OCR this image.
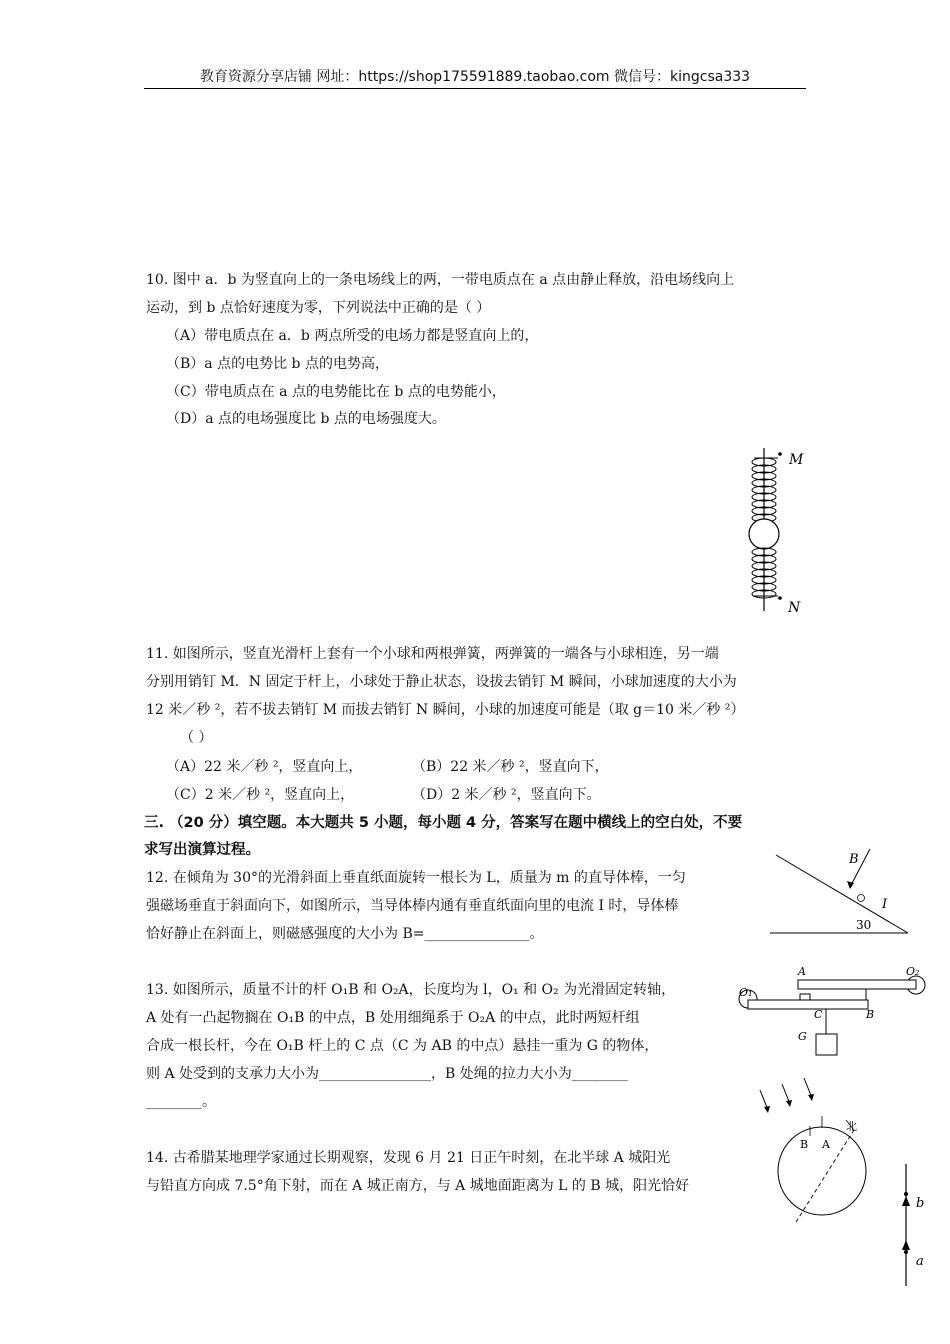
教育资源分享店铺 网址：https://shop175591889.taobao.com 微信号：kingcsa333
10. 图中 a．b 为竖直向上的一条电场线上的两，一带电质点在 a 点由静止释放，沿电场线向上
运动，到 b 点恰好速度为零，下列说法中正确的是（ ）
（A）带电质点在 a．b 两点所受的电场力都是竖直向上的，
（B）a 点的电势比 b 点的电势高，
（C）带电质点在 a 点的电势能比在 b 点的电势能小，
（D）a 点的电场强度比 b 点的电场强度大。
M
N
11. 如图所示，竖直光滑杆上套有一个小球和两根弹簧，两弹簧的一端各与小球相连，另一端
分别用销钉 M．N 固定于杆上，小球处于静止状态，设拔去销钉 M 瞬间，小球加速度的大小为
12 米／秒 ²，若不拔去销钉 M 而拔去销钉 N 瞬间，小球的加速度可能是（取 g＝10 米／秒 ²）
（ ）
（A）22 米／秒 ²，竖直向上，	（B）22 米／秒 ²，竖直向下，
（C）2 米／秒 ²，竖直向上，	（D）2 米／秒 ²，竖直向下。
三. （20 分）填空题。本大题共 5 小题，每小题 4 分，答案写在题中横线上的空白处，不要
求写出演算过程。
B
I
30
12. 在倾角为 30°的光滑斜面上垂直纸面旋转一根长为 L，质量为 m 的直导体棒，一匀
强磁场垂直于斜面向下，如图所示，当导体棒内通有垂直纸面向里的电流 I 时，导体棒
恰好静止在斜面上，则磁感强度的大小为 B=_______________。
O₁
O₂
A
B
C
G
13. 如图所示，质量不计的杆 O₁B 和 O₂A，长度均为 l，O₁ 和 O₂ 为光滑固定转轴，
A 处有一凸起物搁在 O₁B 的中点，B 处用细绳系于 O₂A 的中点，此时两短杆组
合成一根长杆，今在 O₁B 杆上的 C 点（C 为 AB 的中点）悬挂一重为 G 的物体，
则 A 处受到的支承力大小为________________，B 处绳的拉力大小为________
________。
B A
北
b
a
14. 古希腊某地理学家通过长期观察，发现 6 月 21 日正午时刻，在北半球 A 城阳光
与铅直方向成 7.5°角下射，而在 A 城正南方，与 A 城地面距离为 L 的 B 城，阳光恰好
